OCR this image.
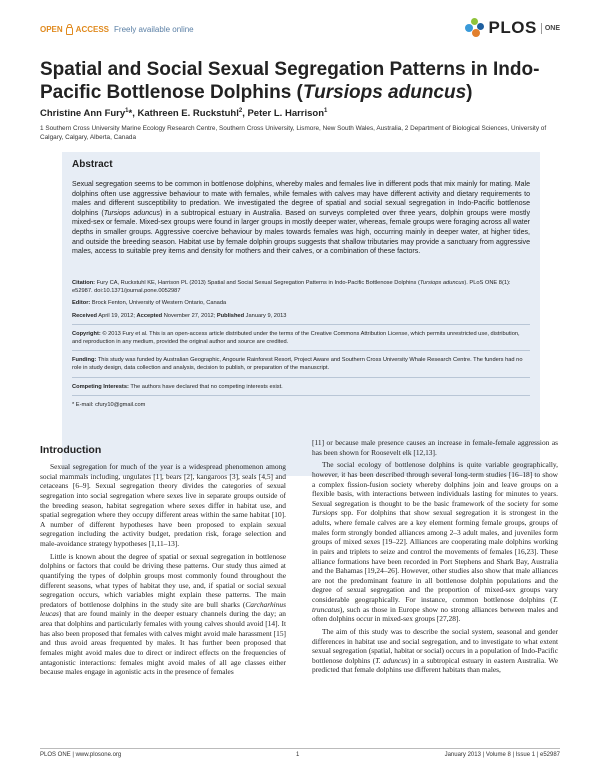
OPEN ACCESS Freely available online	PLOS	ONE
Spatial and Social Sexual Segregation Patterns in Indo-Pacific Bottlenose Dolphins (Tursiops aduncus)
Christine Ann Fury$^1$*, Kathreen E. Ruckstuhl$^2$, Peter L. Harrison$^1$
1 Southern Cross University Marine Ecology Research Centre, Southern Cross University, Lismore, New South Wales, Australia, 2 Department of Biological Sciences, University of Calgary, Calgary, Alberta, Canada
Abstract
Sexual segregation seems to be common in bottlenose dolphins, whereby males and females live in different pods that mix mainly for mating. Male dolphins often use aggressive behaviour to mate with females, while females with calves may have different activity and dietary requirements to males and different susceptibility to predation. We investigated the degree of spatial and social sexual segregation in Indo-Pacific bottlenose dolphins (Tursiops aduncus) in a subtropical estuary in Australia. Based on surveys completed over three years, dolphin groups were mostly mixed-sex or female. Mixed-sex groups were found in larger groups in mostly deeper water, whereas, female groups were foraging across all water depths in smaller groups. Aggressive coercive behaviour by males towards females was high, occurring mainly in deeper water, at higher tides, and outside the breeding season. Habitat use by female dolphin groups suggests that shallow tributaries may provide a sanctuary from aggressive males, access to suitable prey items and density for mothers and their calves, or a combination of these factors.

Citation: Fury CA, Ruckstuhl KE, Harrison PL (2013) Spatial and Social Sexual Segregation Patterns in Indo-Pacific Bottlenose Dolphins (Tursiops aduncus). PLoS ONE 8(1): e52987. doi:10.1371/journal.pone.0052987

Editor: Brock Fenton, University of Western Ontario, Canada

Received April 19, 2012; Accepted November 27, 2012; Published January 9, 2013

Copyright: © 2013 Fury et al. This is an open-access article distributed under the terms of the Creative Commons Attribution License, which permits unrestricted use, distribution, and reproduction in any medium, provided the original author and source are credited.

Funding: This study was funded by Australian Geographic, Angourie Rainforest Resort, Project Aware and Southern Cross University Whale Research Centre. The funders had no role in study design, data collection and analysis, decision to publish, or preparation of the manuscript.

Competing Interests: The authors have declared that no competing interests exist.

* E-mail: cfury10@gmail.com

Introduction

Sexual segregation for much of the year is a widespread phenomenon among social mammals including, ungulates [1], bears [2], kangaroos [3], seals [4,5] and cetaceans [6–9]. Sexual segregation theory divides the categories of sexual segregation into social segregation where sexes live in separate groups outside of the breeding season, habitat segregation where sexes differ in habitat use, and spatial segregation where they occupy different areas within the same habitat [10]. A number of different hypotheses have been proposed to explain sexual segregation including the activity budget, predation risk, forage selection and male-avoidance strategy hypotheses [1,11–13].

Little is known about the degree of spatial or sexual segregation in bottlenose dolphins or factors that could be driving these patterns. Our study thus aimed at quantifying the types of dolphin groups most commonly found throughout the different seasons, what types of habitat they use, and, if spatial or social sexual segregation occurs, which variables might explain these patterns. The main predators of bottlenose dolphins in the study site are bull sharks (Carcharhinus leucas) that are found mainly in the deeper estuary channels during the day; an area that dolphins and particularly females with young calves should avoid [14]. It has also been proposed that females with calves might avoid male harassment [15] and thus avoid areas frequented by males. It has further been proposed that females might avoid males due to direct or indirect effects on the frequencies of antagonistic interactions: females might avoid males of all age classes either because males engage in agonistic acts in the presence of females

[11] or because male presence causes an increase in female-female aggression as has been shown for Roosevelt elk [12,13].

The social ecology of bottlenose dolphins is quite variable geographically, however, it has been described through several long-term studies [16–18] to show a complex fission-fusion society whereby dolphins join and leave groups on a flexible basis, with interactions between individuals lasting for minutes to years. Sexual segregation is thought to be the basic framework of the society for some Tursiops spp. For dolphins that show sexual segregation it is strongest in the adults, where female calves are a key element forming female groups, groups of males form strongly bonded alliances among 2–3 adult males, and juveniles form groups of mixed sexes [19–22]. Alliances are cooperating male dolphins working in pairs and triplets to seize and control the movements of females [16,23]. These alliance formations have been recorded in Port Stephens and Shark Bay, Australia and the Bahamas [19,24–26]. However, other studies also show that male alliances are not the predominant feature in all bottlenose dolphin populations and the degree of sexual segregation and the proportion of mixed-sex groups vary considerable geographically. For instance, common bottlenose dolphins (T. truncatus), such as those in Europe show no strong alliances between males and often dolphins occur in mixed-sex groups [27,28].

The aim of this study was to describe the social system, seasonal and gender differences in habitat use and social segregation, and to investigate to what extent sexual segregation (spatial, habitat or social) occurs in a population of Indo-Pacific bottlenose dolphins (T. aduncus) in a subtropical estuary in eastern Australia. We predicted that female dolphins use different habitats than males,

PLOS ONE | www.plosone.org	1	January 2013 | Volume 8 | Issue 1 | e52987
